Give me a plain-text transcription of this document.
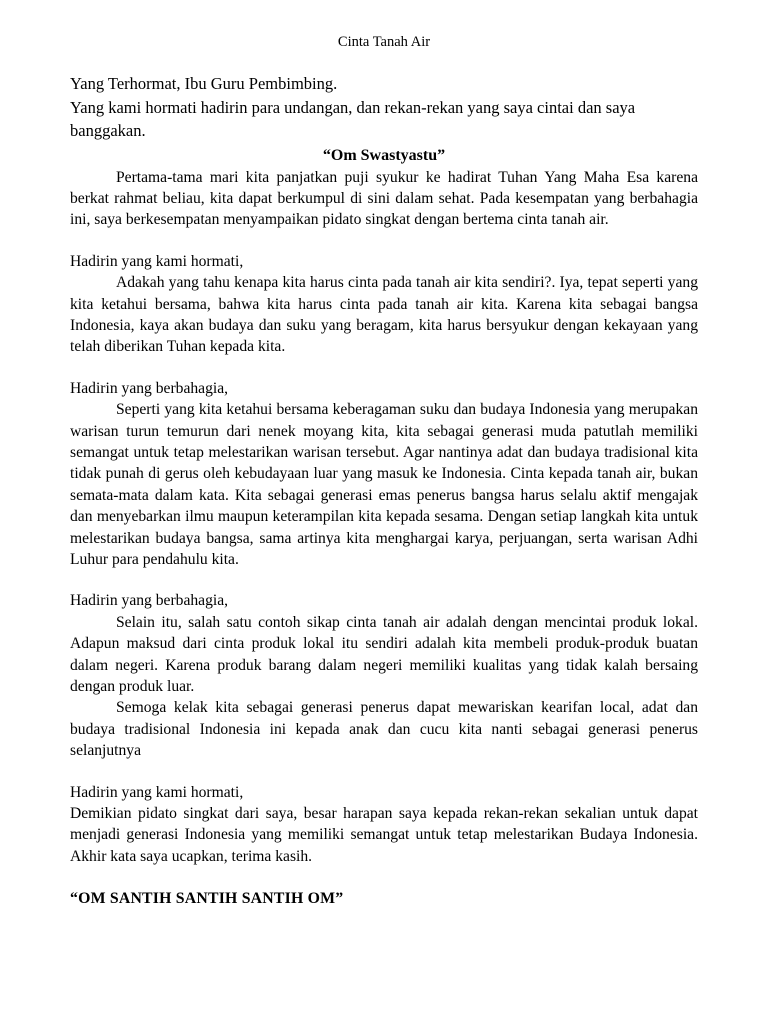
Cinta Tanah Air
Yang Terhormat, Ibu Guru Pembimbing.
Yang kami hormati hadirin para undangan, dan rekan-rekan yang saya cintai dan saya banggakan.
“Om Swastyastu”
Pertama-tama mari kita panjatkan puji syukur ke hadirat Tuhan Yang Maha Esa karena berkat rahmat beliau, kita dapat berkumpul di sini dalam sehat. Pada kesempatan yang berbahagia ini, saya berkesempatan menyampaikan pidato singkat dengan bertema cinta tanah air.
Hadirin yang kami hormati,
Adakah yang tahu kenapa kita harus cinta pada tanah air kita sendiri?. Iya, tepat seperti yang kita ketahui bersama, bahwa kita harus cinta pada tanah air kita. Karena kita sebagai bangsa Indonesia, kaya akan budaya dan suku yang beragam, kita harus bersyukur dengan kekayaan yang telah diberikan Tuhan kepada kita.
Hadirin yang berbahagia,
Seperti yang kita ketahui bersama keberagaman suku dan budaya Indonesia yang merupakan warisan turun temurun dari nenek moyang kita, kita sebagai generasi muda patutlah memiliki semangat untuk tetap melestarikan warisan tersebut. Agar nantinya adat dan budaya tradisional kita tidak punah di gerus oleh kebudayaan luar yang masuk ke Indonesia. Cinta kepada tanah air, bukan semata-mata dalam kata. Kita sebagai generasi emas penerus bangsa harus selalu aktif mengajak dan menyebarkan ilmu maupun keterampilan kita kepada sesama. Dengan setiap langkah kita untuk melestarikan budaya bangsa, sama artinya kita menghargai karya, perjuangan, serta warisan Adhi Luhur para pendahulu kita.
Hadirin yang berbahagia,
Selain itu, salah satu contoh sikap cinta tanah air adalah dengan mencintai produk lokal. Adapun maksud dari cinta produk lokal itu sendiri adalah kita membeli produk-produk buatan dalam negeri. Karena produk barang dalam negeri memiliki kualitas yang tidak kalah bersaing dengan produk luar.
Semoga kelak kita sebagai generasi penerus dapat mewariskan kearifan local, adat dan budaya tradisional Indonesia ini kepada anak dan cucu kita nanti sebagai generasi penerus selanjutnya
Hadirin yang kami hormati,
Demikian pidato singkat dari saya, besar harapan saya kepada rekan-rekan sekalian untuk dapat menjadi generasi Indonesia yang memiliki semangat untuk tetap melestarikan Budaya Indonesia. Akhir kata saya ucapkan, terima kasih.
“OM SANTIH SANTIH SANTIH OM”
